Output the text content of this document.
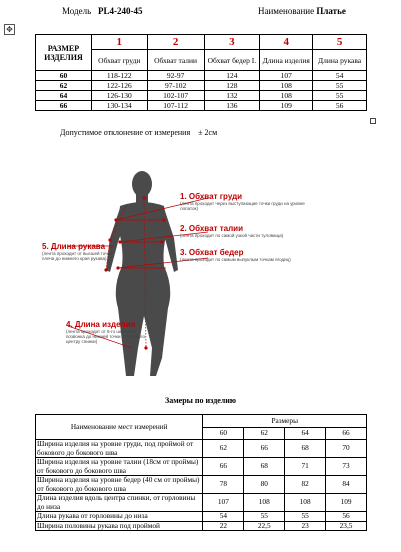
Модель PL4-240-45	Наименование Платье
✥
РАЗМЕР ИЗДЕЛИЯ	1	2	3	4	5
	Обхват груди	Обхват талии	Обхват бедер I.	Длина изделия	Длина рукава
60	118-122	92-97	124	107	54
62	122-126	97-102	128	108	55
64	126-130	102-107	132	108	55
66	130-134	107-112	136	109	56
Допустимое отклонение от измерения ± 2см
1. Обхват груди
(лента проходит через выступающие точки груди на уровне лопаток)
2. Обхват талии
(лента проходит по самой узкой части туловища)
3. Обхват бедер
(лента проходит по самым выпуклым точкам ягодиц)
5. Длина рукава
(лента проходит от высшей точки плеча до нижнего края рукава)
4. Длина изделия
(лента проходит от 6-го шейного позвонка до нижней точки изделия по центру спинки)
Замеры по изделию
Наименование мест измерений	Размеры			
	60	62	64	66
Ширина изделия на уровне груди, под проймой от бокового до бокового шва	62	66	68	70
Ширина изделия на уровне талии (18см от проймы) от бокового до бокового шва	66	68	71	73
Ширина изделия на уровне бедер (40 см от проймы) от бокового до бокового шва	78	80	82	84
Длина изделия вдоль центра спинки, от горловины до низа	107	108	108	109
Длина рукава от горловины до низа	54	55	55	56
Ширина половины рукава под проймой	22	22,5	23	23,5
